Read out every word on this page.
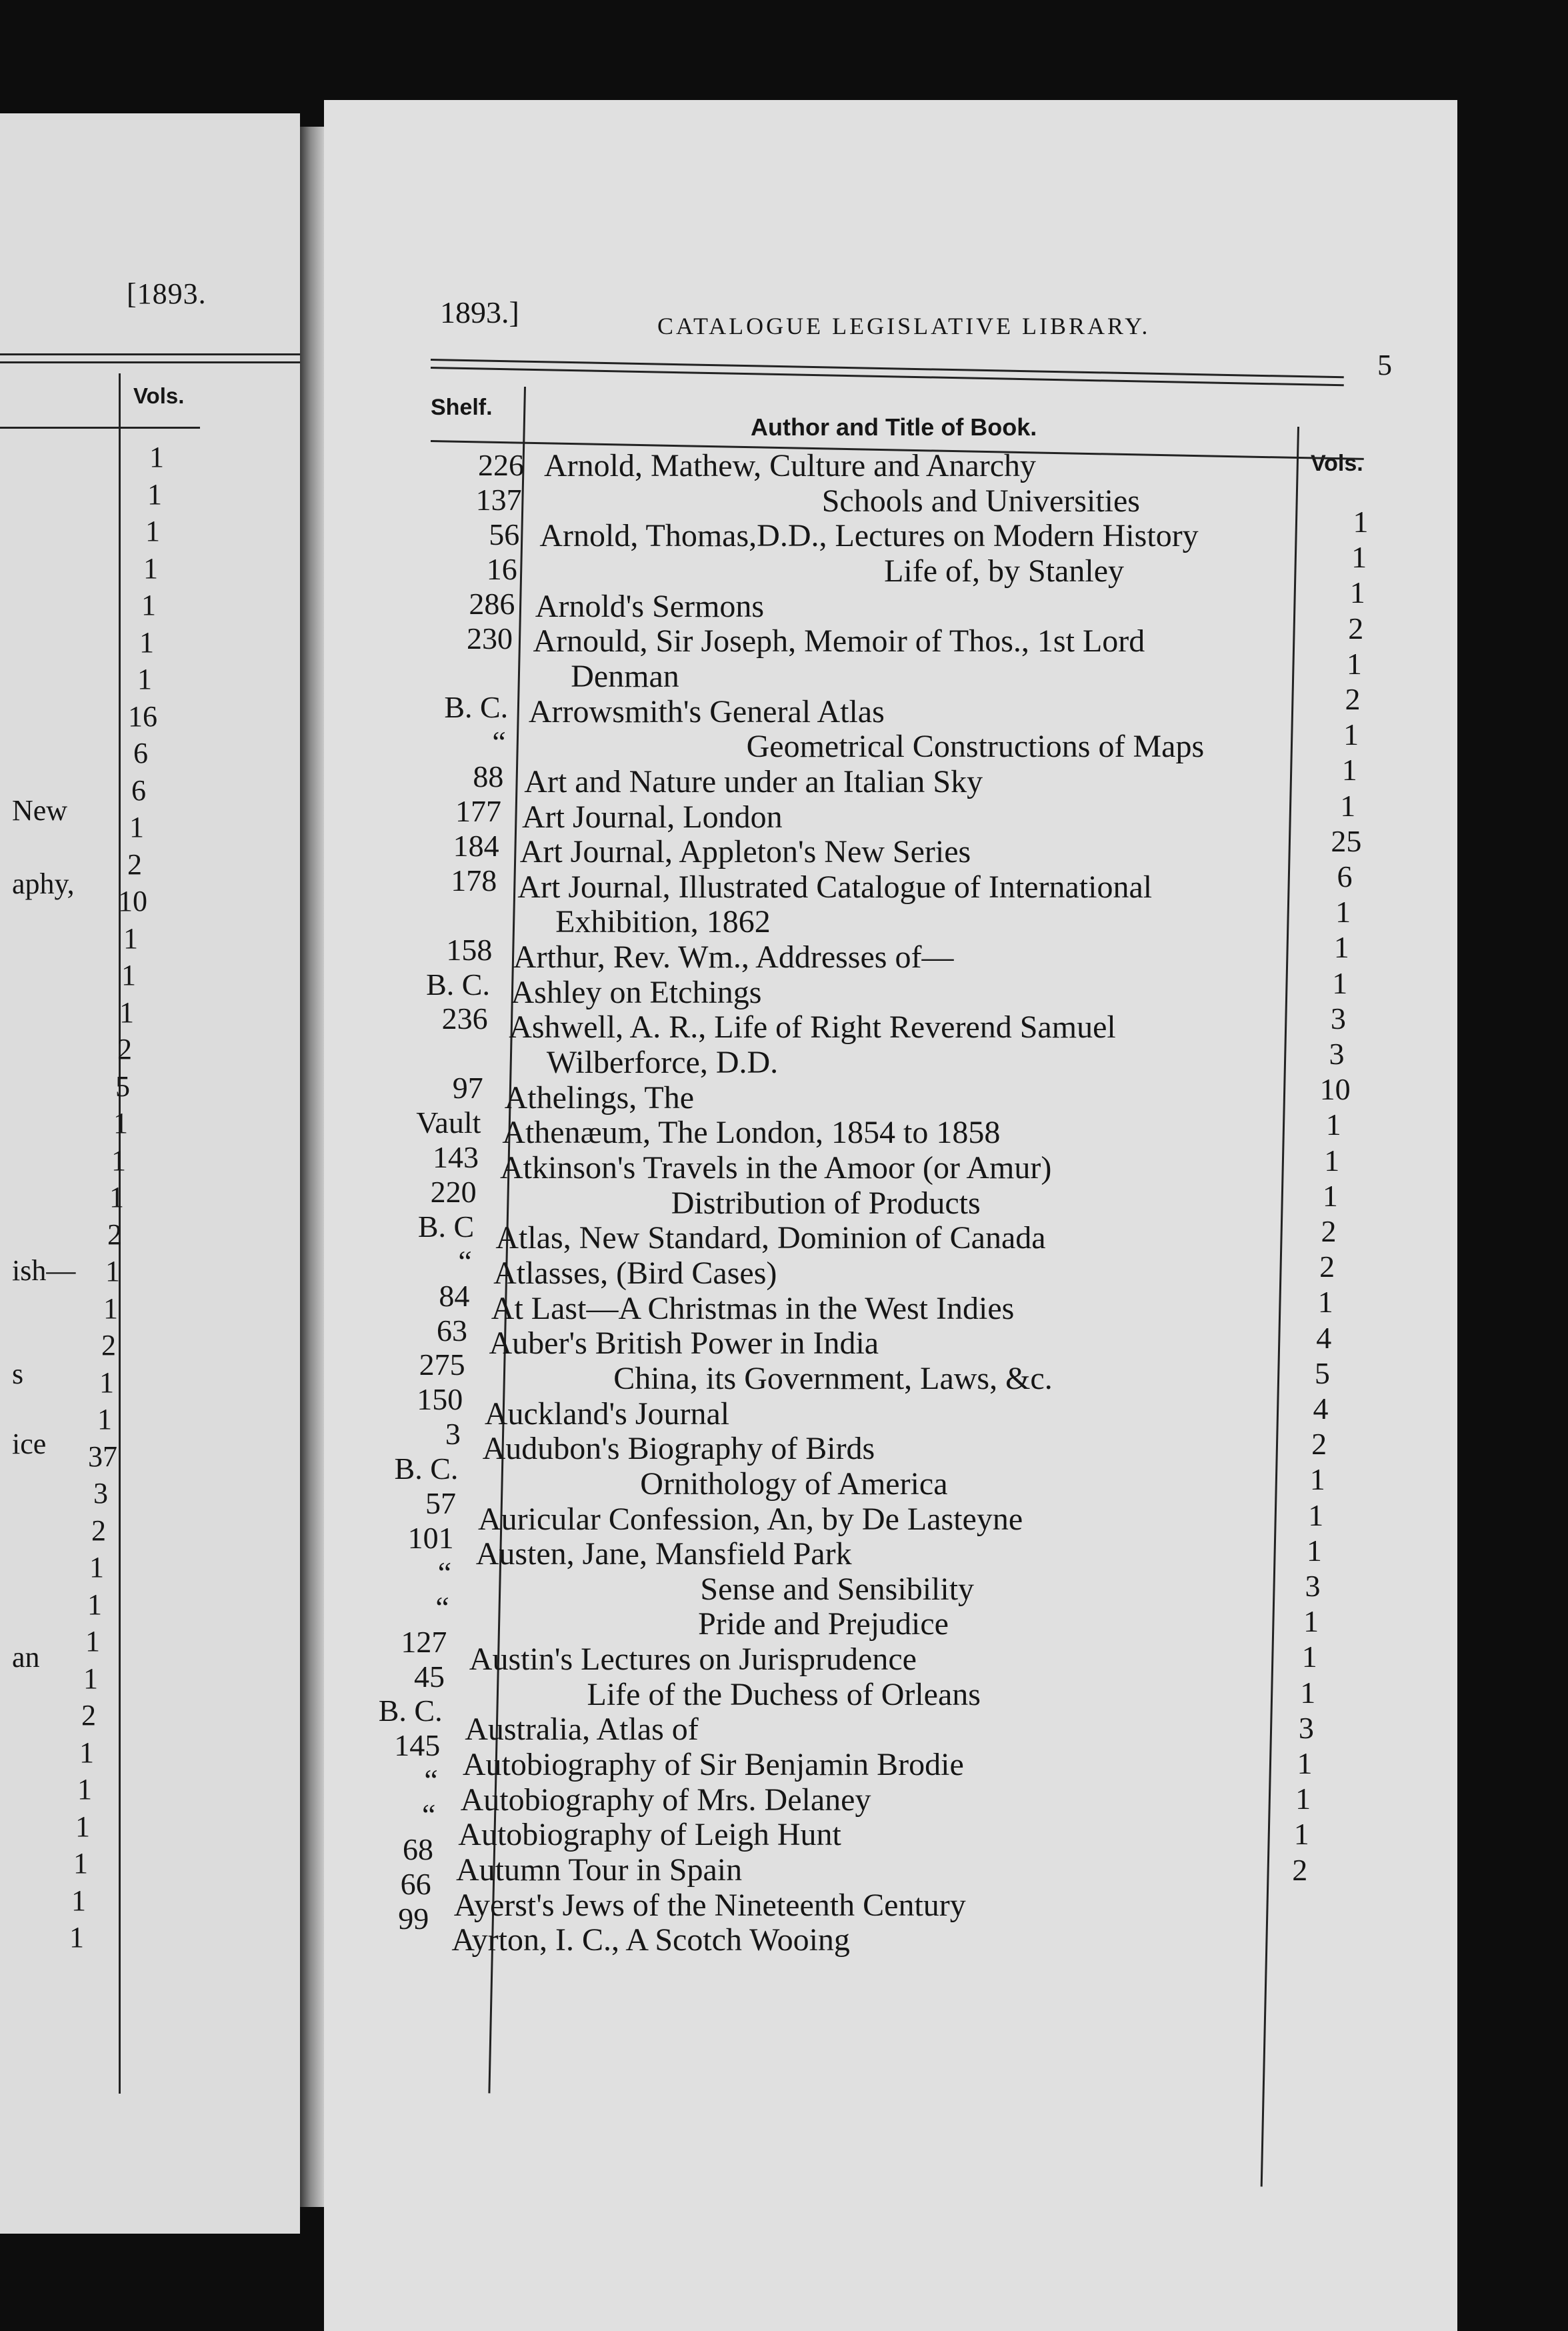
[1893.
Vols.
New
aphy,
ish—
s
ice
an
1
1
1
1
1
1
1
16
6
6
1
2
10
1
1
1
2
5
1
1
1
2
1
1
2
1
1
37
3
2
1
1
1
1
2
1
1
1
1
1
1
1893.]	CATALOGUE LEGISLATIVE LIBRARY.
5
Shelf.
Author and Title of Book.
Vols.
226
137
56
16
286
230
B. C.
“
88
177
184
178
158
B. C.
236
97
Vault
143
220
B. C
“
84
63
275
150
3
B. C.
57
101
“
“
127
45
B. C.
145
“
“
68
66
99
Arnold, Mathew, Culture and Anarchy
Schools and Universities
Arnold, Thomas,D.D., Lectures on Modern History
Life of, by Stanley
Arnold's Sermons
Arnould, Sir Joseph, Memoir of Thos., 1st Lord
Denman
Arrowsmith's General Atlas
Geometrical Constructions of Maps
Art and Nature under an Italian Sky
Art Journal, London
Art Journal, Appleton's New Series
Art Journal, Illustrated Catalogue of International
Exhibition, 1862
Arthur, Rev. Wm., Addresses of—
Ashley on Etchings
Ashwell, A. R., Life of Right Reverend Samuel
Wilberforce, D.D.
Athelings, The
Athenæum, The London, 1854 to 1858
Atkinson's Travels in the Amoor (or Amur)
Distribution of Products
Atlas, New Standard, Dominion of Canada
Atlasses, (Bird Cases)
At Last—A Christmas in the West Indies
Auber's British Power in India
China, its Government, Laws, &c.
Auckland's Journal
Audubon's Biography of Birds
Ornithology of America
Auricular Confession, An, by De Lasteyne
Austen, Jane, Mansfield Park
Sense and Sensibility
Pride and Prejudice
Austin's Lectures on Jurisprudence
Life of the Duchess of Orleans
Australia, Atlas of
Autobiography of Sir Benjamin Brodie
Autobiography of Mrs. Delaney
Autobiography of Leigh Hunt
Autumn Tour in Spain
Ayerst's Jews of the Nineteenth Century
Ayrton, I. C., A Scotch Wooing
1
1
1
2
1
2
1
1
1
25
6
1
1
1
3
3
10
1
1
1
2
2
1
4
5
4
2
1
1
1
3
1
1
1
3
1
1
1
2
